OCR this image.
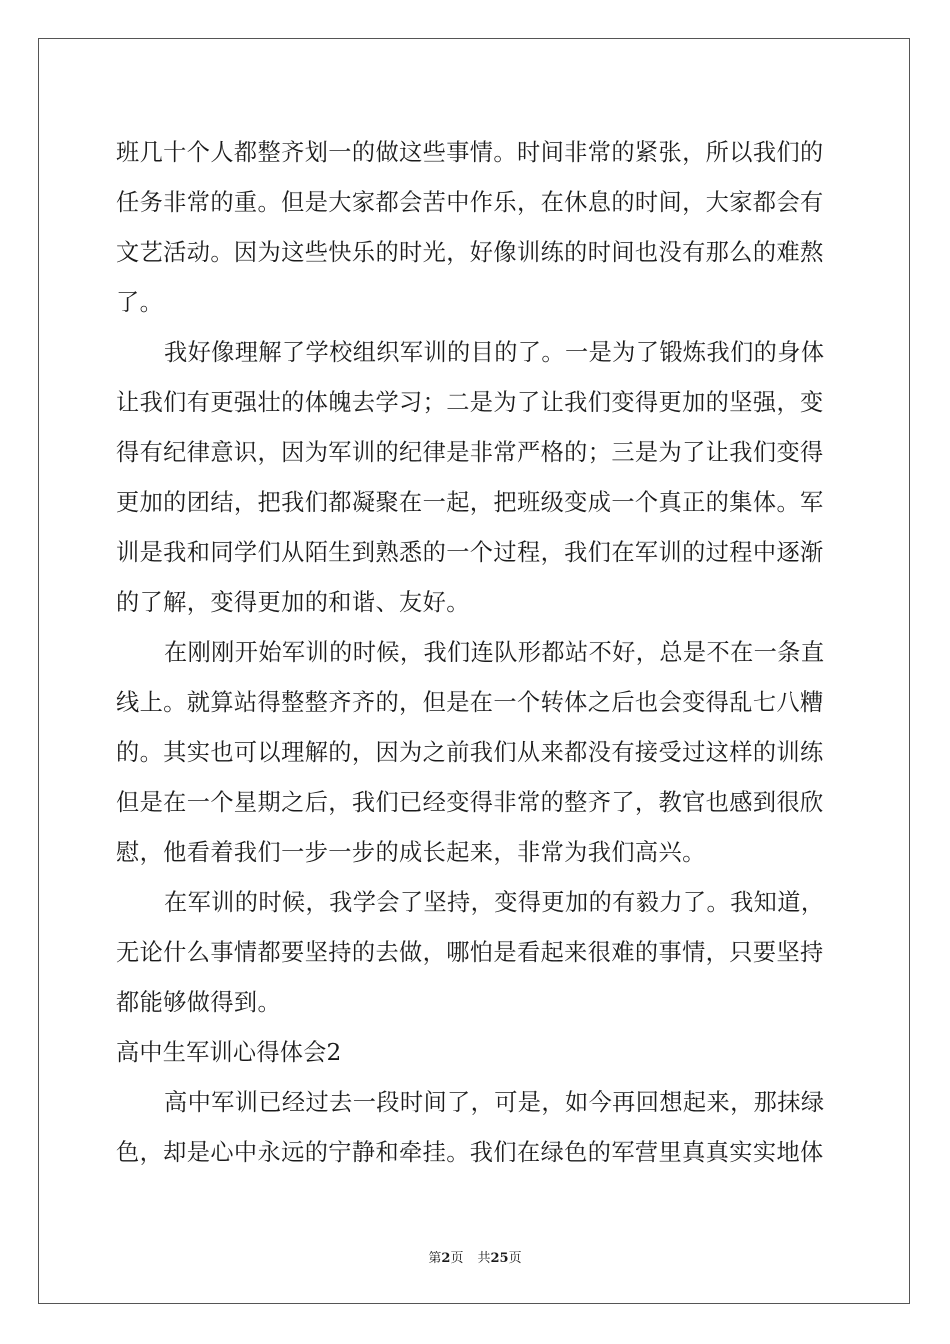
班几十个人都整齐划一的做这些事情。时间非常的紧张，所以我们的
任务非常的重。但是大家都会苦中作乐，在休息的时间，大家都会有
文艺活动。因为这些快乐的时光，好像训练的时间也没有那么的难熬
了。
我好像理解了学校组织军训的目的了。一是为了锻炼我们的身体
让我们有更强壮的体魄去学习；二是为了让我们变得更加的坚强，变
得有纪律意识，因为军训的纪律是非常严格的；三是为了让我们变得
更加的团结，把我们都凝聚在一起，把班级变成一个真正的集体。军
训是我和同学们从陌生到熟悉的一个过程，我们在军训的过程中逐渐
的了解，变得更加的和谐、友好。
在刚刚开始军训的时候，我们连队形都站不好，总是不在一条直
线上。就算站得整整齐齐的，但是在一个转体之后也会变得乱七八糟
的。其实也可以理解的，因为之前我们从来都没有接受过这样的训练
但是在一个星期之后，我们已经变得非常的整齐了，教官也感到很欣
慰，他看着我们一步一步的成长起来，非常为我们高兴。
在军训的时候，我学会了坚持，变得更加的有毅力了。我知道，
无论什么事情都要坚持的去做，哪怕是看起来很难的事情，只要坚持
都能够做得到。
高中生军训心得体会2
高中军训已经过去一段时间了，可是，如今再回想起来，那抹绿
色，却是心中永远的宁静和牵挂。我们在绿色的军营里真真实实地体
第2页 共25页
